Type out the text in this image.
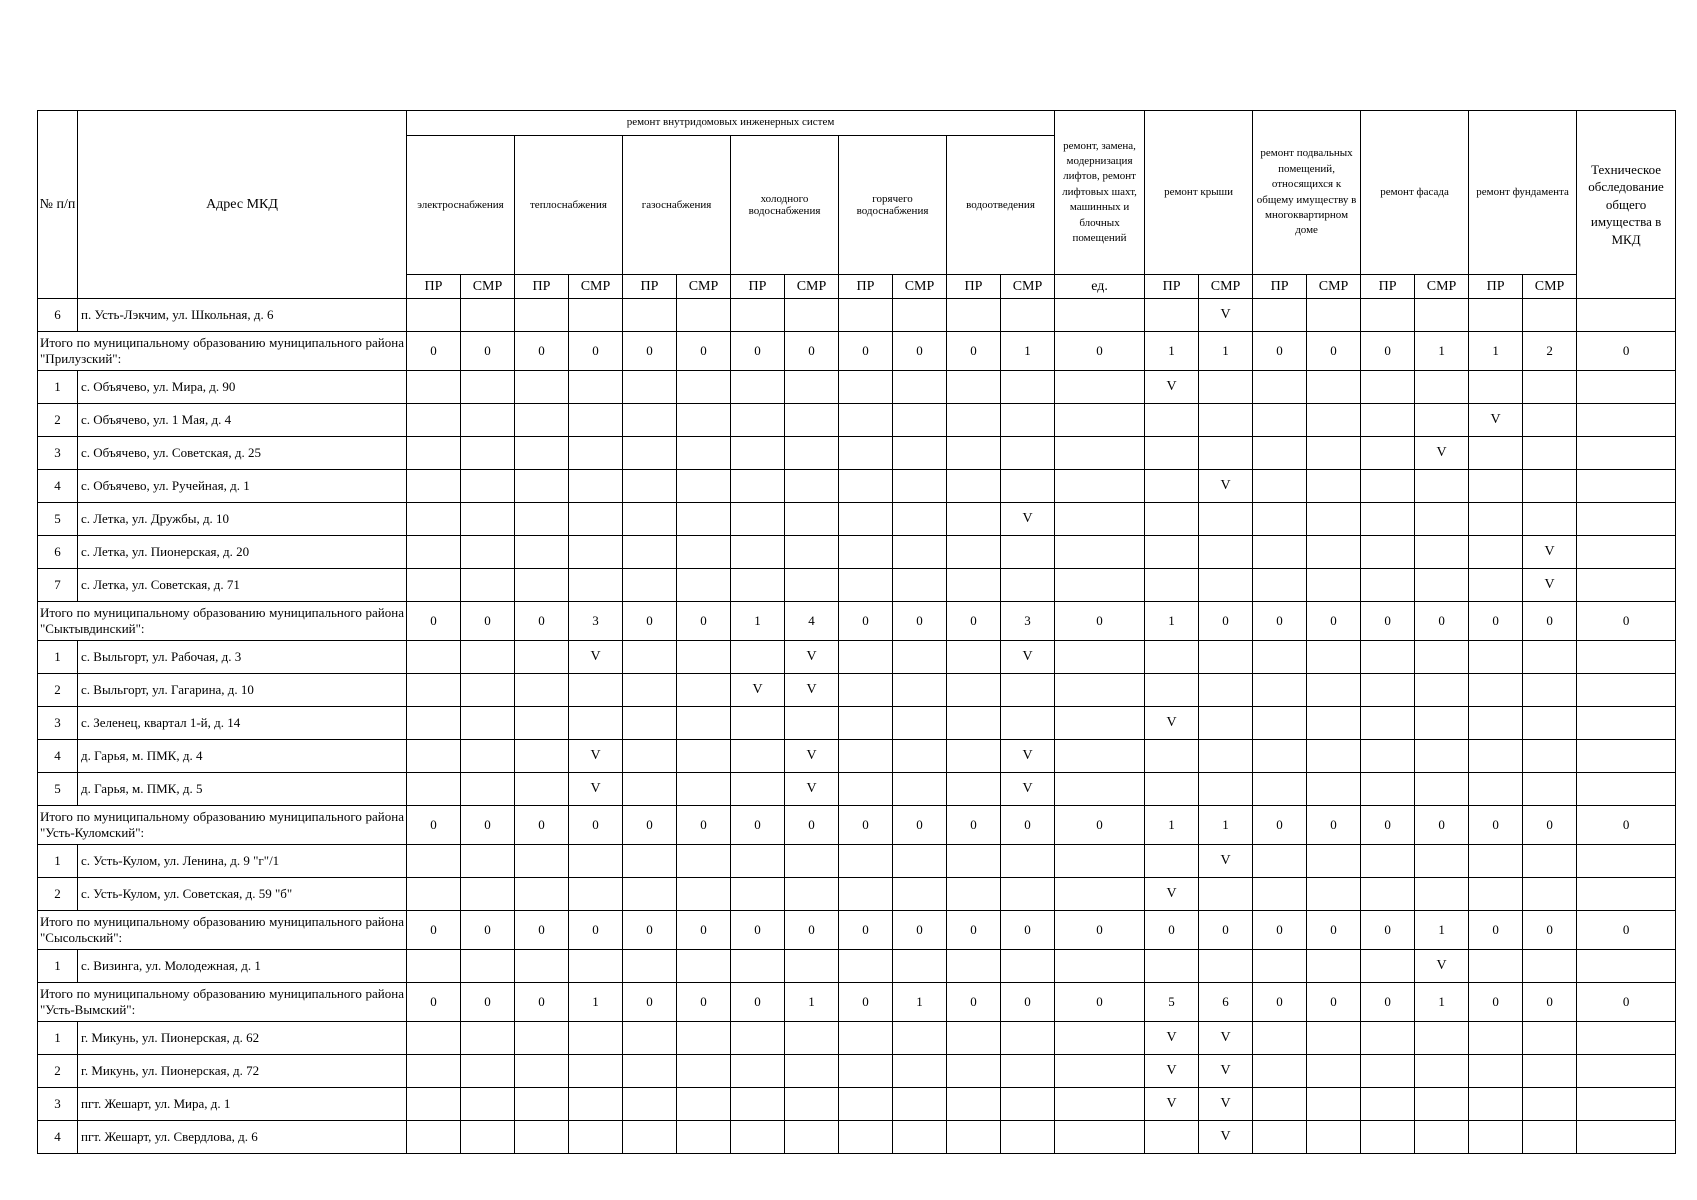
№ п/п	Адрес МКД	ремонт внутридомовых инженерных систем												ремонт, замена, модернизация лифтов, ремонт лифтовых шахт, машинных и блочных помещений	ремонт крыши		ремонт подвальных помещений, относящихся к общему имуществу в многоквартирном доме		ремонт фасада		ремонт фундамента		Техническое обследование общего имущества в МКД
		электроснабжения		теплоснабжения		газоснабжения		холодного водоснабжения		горячего водоснабжения		водоотведения											
		ПР	СМР	ПР	СМР	ПР	СМР	ПР	СМР	ПР	СМР	ПР	СМР	ед.	ПР	СМР	ПР	СМР	ПР	СМР	ПР	СМР	
6	п. Усть-Лэкчим, ул. Школьная, д. 6															V							
Итого по муниципальному образованию муниципального района "Прилузский":		0	0	0	0	0	0	0	0	0	0	0	1	0	1	1	0	0	0	1	1	2	0
1	с. Объячево, ул. Мира, д. 90														V								
2	с. Объячево, ул. 1 Мая, д. 4																				V		
3	с. Объячево, ул. Советская, д. 25																			V			
4	с. Объячево, ул. Ручейная, д. 1															V							
5	с. Летка, ул. Дружбы, д. 10												V										
6	с. Летка, ул. Пионерская, д. 20																					V	
7	с. Летка, ул. Советская, д. 71																					V	
Итого по муниципальному образованию муниципального района "Сыктывдинский":		0	0	0	3	0	0	1	4	0	0	0	3	0	1	0	0	0	0	0	0	0	0
1	с. Выльгорт, ул. Рабочая, д. 3				V				V				V										
2	с. Выльгорт, ул. Гагарина, д. 10							V	V														
3	с. Зеленец, квартал 1-й, д. 14														V								
4	д. Гарья, м. ПМК, д. 4				V				V				V										
5	д. Гарья, м. ПМК, д. 5				V				V				V										
Итого по муниципальному образованию муниципального района "Усть-Куломский":		0	0	0	0	0	0	0	0	0	0	0	0	0	1	1	0	0	0	0	0	0	0
1	с. Усть-Кулом, ул. Ленина, д. 9 "г"/1															V							
2	с. Усть-Кулом, ул. Советская, д. 59 "б"														V								
Итого по муниципальному образованию муниципального района "Сысольский":		0	0	0	0	0	0	0	0	0	0	0	0	0	0	0	0	0	0	1	0	0	0
1	с. Визинга, ул. Молодежная, д. 1																			V			
Итого по муниципальному образованию муниципального района "Усть-Вымский":		0	0	0	1	0	0	0	1	0	1	0	0	0	5	6	0	0	0	1	0	0	0
1	г. Микунь, ул. Пионерская, д. 62														V	V							
2	г. Микунь, ул. Пионерская, д. 72														V	V							
3	пгт. Жешарт, ул. Мира, д. 1														V	V							
4	пгт. Жешарт, ул. Свердлова, д. 6															V							
